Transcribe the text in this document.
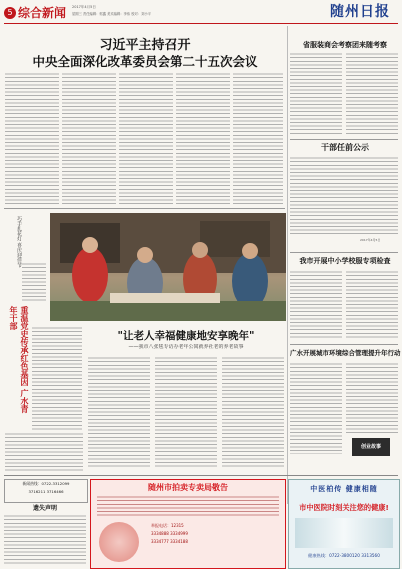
5 综合新闻 2017年4月5日
星期三 责任编辑：郭鑫 美术编辑：李伟 校对：刘小平	随州日报
习近平主持召开
中央全面深化改革委员会第二十五次会议
省服装商会考察团来随考察
干部任前公示
2017年4月5日
我市开展中小学校服专项检查
广水开展城市环境综合管理提升年行动
创业故事
巧手扎花灯 喜庆迎佳节
重温党史传承红色基因 广水青年干部
"让老人幸福健康地安享晚年"
——我市八张毯专访办老年公寓就养社老的养老故事
新闻热线：0722-3312099
3716211 3716466
遗失声明
随州市拍卖专卖局敬告
举报电话：12315
3334888 3334999
3334777 3334188
中医柏传 健康相随
市中医院时刻关注您的健康!
健康热线：0722-3800120 3313560
